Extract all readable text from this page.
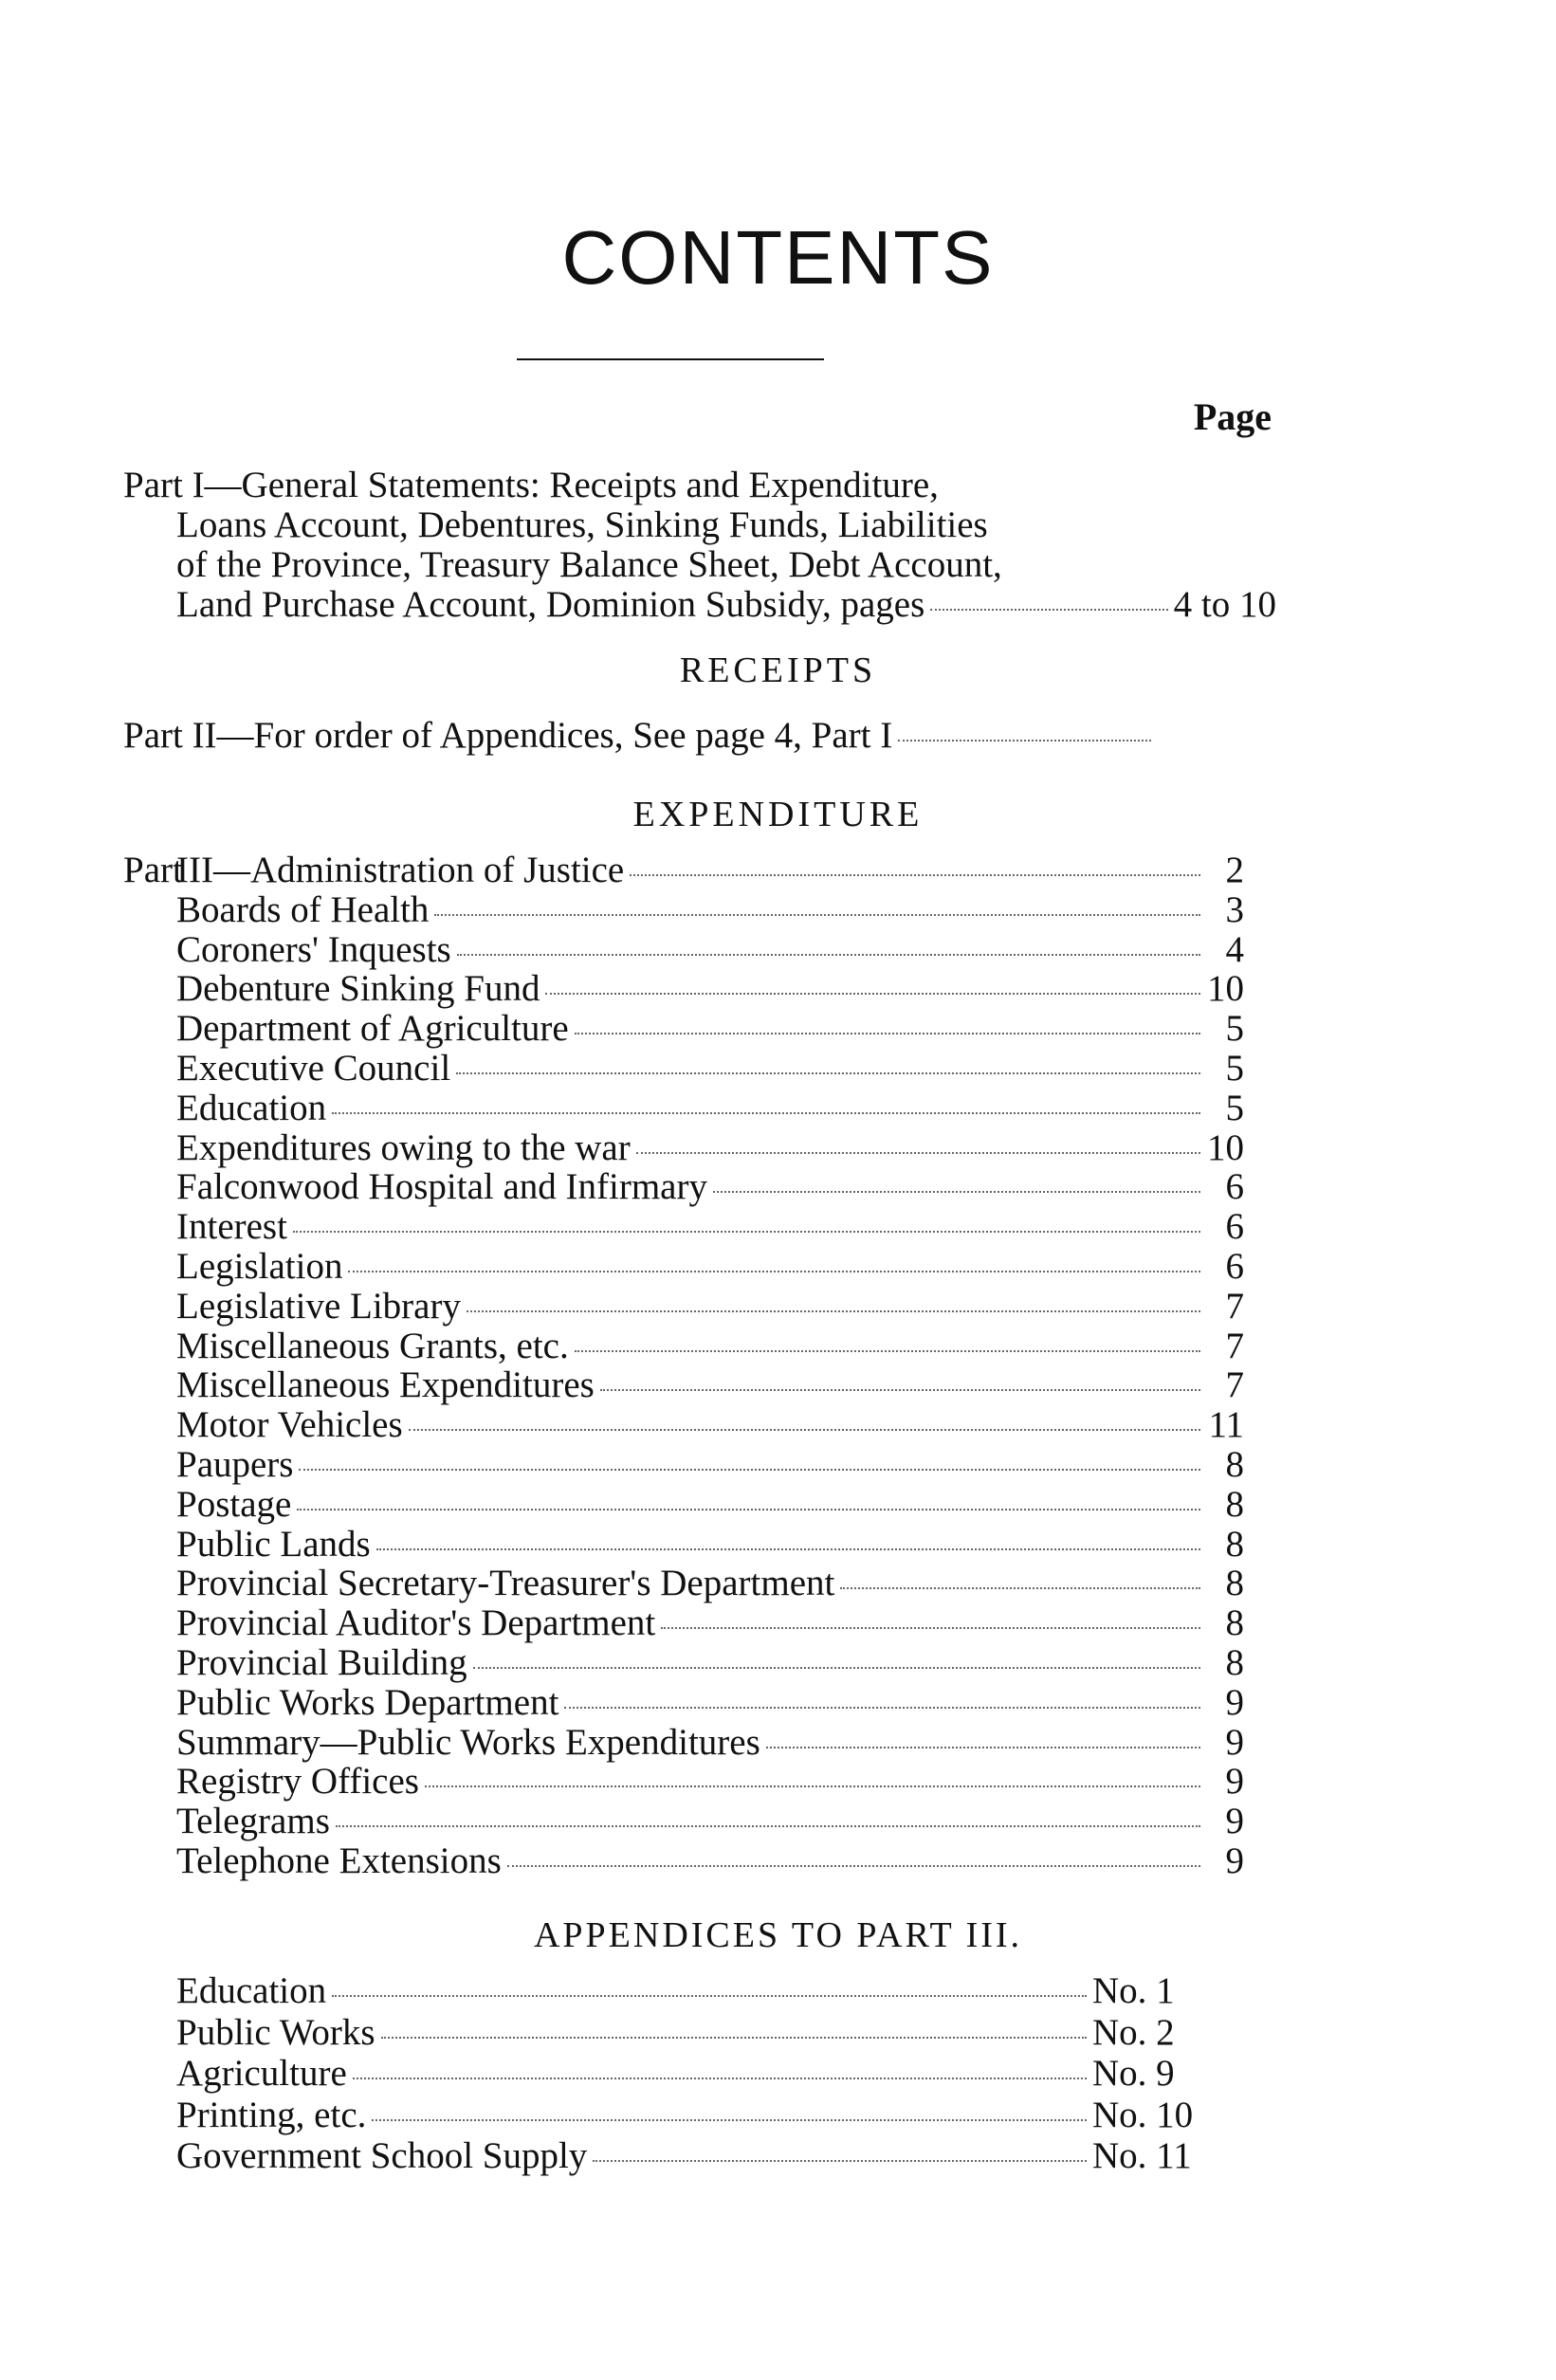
CONTENTS
Page
Part I—General Statements: Receipts and Expenditure,
Loans Account, Debentures, Sinking Funds, Liabilities
of the Province, Treasury Balance Sheet, Debt Account,
Land Purchase Account, Dominion Subsidy, pages	4 to 10
RECEIPTS
Part II—For order of Appendices, See page 4, Part I
EXPENDITURE
Part
III—Administration of Justice	2
Boards of Health	3
Coroners' Inquests	4
Debenture Sinking Fund	10
Department of Agriculture	5
Executive Council	5
Education	5
Expenditures owing to the war	10
Falconwood Hospital and Infirmary	6
Interest	6
Legislation	6
Legislative Library	7
Miscellaneous Grants, etc.	7
Miscellaneous Expenditures	7
Motor Vehicles	11
Paupers	8
Postage	8
Public Lands	8
Provincial Secretary-Treasurer's Department	8
Provincial Auditor's Department	8
Provincial Building	8
Public Works Department	9
Summary—Public Works Expenditures	9
Registry Offices	9
Telegrams	9
Telephone Extensions	9
APPENDICES TO PART III.
Education	No. 1
Public Works	No. 2
Agriculture	No. 9
Printing, etc.	No. 10
Government School Supply	No. 11
